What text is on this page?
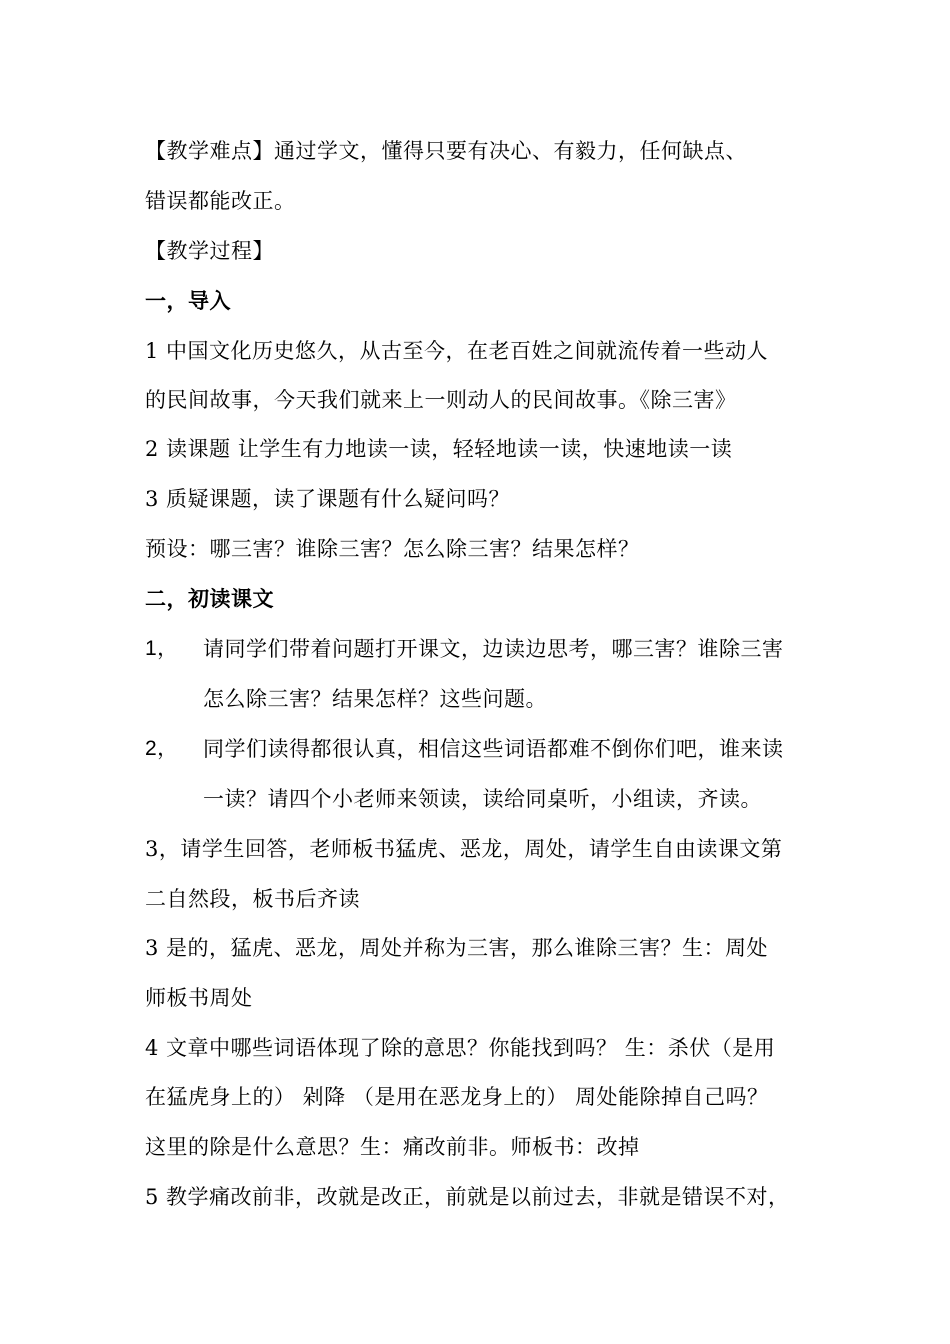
【教学难点】通过学文，懂得只要有决心、有毅力，任何缺点、
错误都能改正。
【教学过程】
一，导入
1 中国文化历史悠久，从古至今，在老百姓之间就流传着一些动人
的民间故事，今天我们就来上一则动人的民间故事。《除三害》
2 读课题 让学生有力地读一读，轻轻地读一读，快速地读一读
3 质疑课题，读了课题有什么疑问吗？
预设：哪三害？谁除三害？怎么除三害？结果怎样？
二，初读课文
1， 请同学们带着问题打开课文，边读边思考，哪三害？谁除三害
怎么除三害？结果怎样？这些问题。
2， 同学们读得都很认真，相信这些词语都难不倒你们吧，谁来读
一读？请四个小老师来领读，读给同桌听，小组读，齐读。
3，请学生回答，老师板书猛虎、恶龙，周处，请学生自由读课文第
二自然段，板书后齐读
3 是的，猛虎、恶龙，周处并称为三害，那么谁除三害？生：周处
师板书周处
4 文章中哪些词语体现了除的意思？你能找到吗？ 生：杀伏（是用
在猛虎身上的） 剁降 （是用在恶龙身上的） 周处能除掉自己吗？
这里的除是什么意思？生：痛改前非。师板书：改掉
5 教学痛改前非，改就是改正，前就是以前过去，非就是错误不对，
